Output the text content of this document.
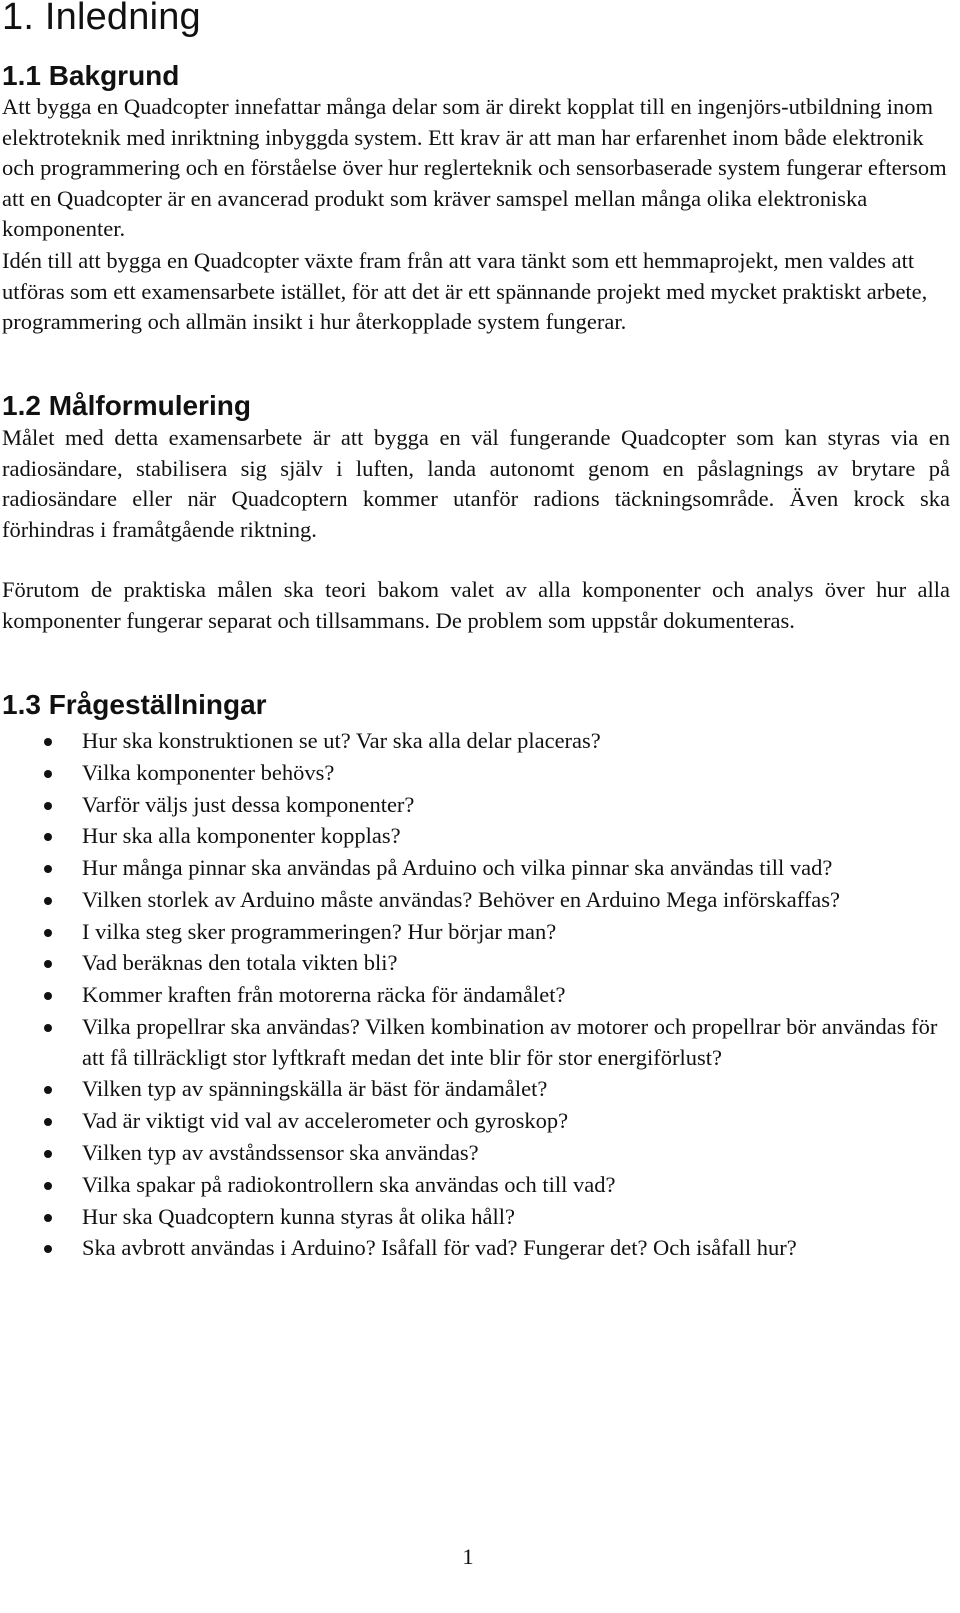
1. Inledning
1.1 Bakgrund

Att bygga en Quadcopter innefattar många delar som är direkt kopplat till en ingenjörs-utbildning inom elektroteknik med inriktning inbyggda system. Ett krav är att man har erfarenhet inom både elektronik och programmering och en förståelse över hur reglerteknik och sensorbaserade system fungerar eftersom att en Quadcopter är en avancerad produkt som kräver samspel mellan många olika elektroniska komponenter.

Idén till att bygga en Quadcopter växte fram från att vara tänkt som ett hemmaprojekt, men valdes att utföras som ett examensarbete istället, för att det är ett spännande projekt med mycket praktiskt arbete, programmering och allmän insikt i hur återkopplade system fungerar.

1.2 Målformulering

Målet med detta examensarbete är att bygga en väl fungerande Quadcopter som kan styras via en radiosändare, stabilisera sig själv i luften, landa autonomt genom en påslagnings av brytare på radiosändare eller när Quadcoptern kommer utanför radions täckningsområde. Även krock ska förhindras i framåtgående riktning.

Förutom de praktiska målen ska teori bakom valet av alla komponenter och analys över hur alla komponenter fungerar separat och tillsammans. De problem som uppstår dokumenteras.

1.3 Frågeställningar
Hur ska konstruktionen se ut? Var ska alla delar placeras?
Vilka komponenter behövs?
Varför väljs just dessa komponenter?
Hur ska alla komponenter kopplas?
Hur många pinnar ska användas på Arduino och vilka pinnar ska användas till vad?
Vilken storlek av Arduino måste användas? Behöver en Arduino Mega införskaffas?
I vilka steg sker programmeringen? Hur börjar man?
Vad beräknas den totala vikten bli?
Kommer kraften från motorerna räcka för ändamålet?
Vilka propellrar ska användas? Vilken kombination av motorer och propellrar bör användas för att få tillräckligt stor lyftkraft medan det inte blir för stor energiförlust?
Vilken typ av spänningskälla är bäst för ändamålet?
Vad är viktigt vid val av accelerometer och gyroskop?
Vilken typ av avståndssensor ska användas?
Vilka spakar på radiokontrollern ska användas och till vad?
Hur ska Quadcoptern kunna styras åt olika håll?
Ska avbrott användas i Arduino? Isåfall för vad? Fungerar det? Och isåfall hur?
1
